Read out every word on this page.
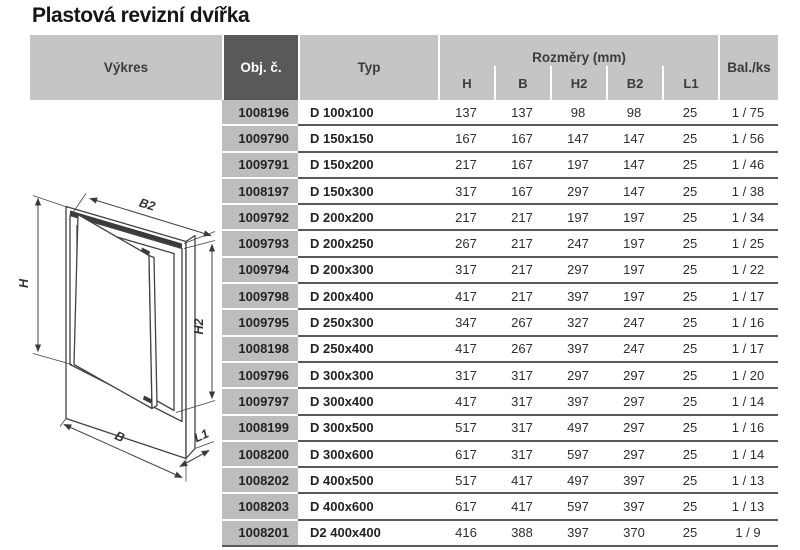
Plastová revizní dvířka
H
B2
H2
B	L1
Výkres	Obj. č.	Typ
Rozměry (mm)
H	B	H2	B2	L1
Bal./ks
1008196	D 100x100	137	137	98	98	25	1 / 75
1009790	D 150x150	167	167	147	147	25	1 / 56
1009791	D 150x200	217	167	197	147	25	1 / 46
1008197	D 150x300	317	167	297	147	25	1 / 38
1009792	D 200x200	217	217	197	197	25	1 / 34
1009793	D 200x250	267	217	247	197	25	1 / 25
1009794	D 200x300	317	217	297	197	25	1 / 22
1009798	D 200x400	417	217	397	197	25	1 / 17
1009795	D 250x300	347	267	327	247	25	1 / 16
1008198	D 250x400	417	267	397	247	25	1 / 17
1009796	D 300x300	317	317	297	297	25	1 / 20
1009797	D 300x400	417	317	397	297	25	1 / 14
1008199	D 300x500	517	317	497	297	25	1 / 16
1008200	D 300x600	617	317	597	297	25	1 / 14
1008202	D 400x500	517	417	497	397	25	1 / 13
1008203	D 400x600	617	417	597	397	25	1 / 13
1008201	D2 400x400	416	388	397	370	25	1 / 9
